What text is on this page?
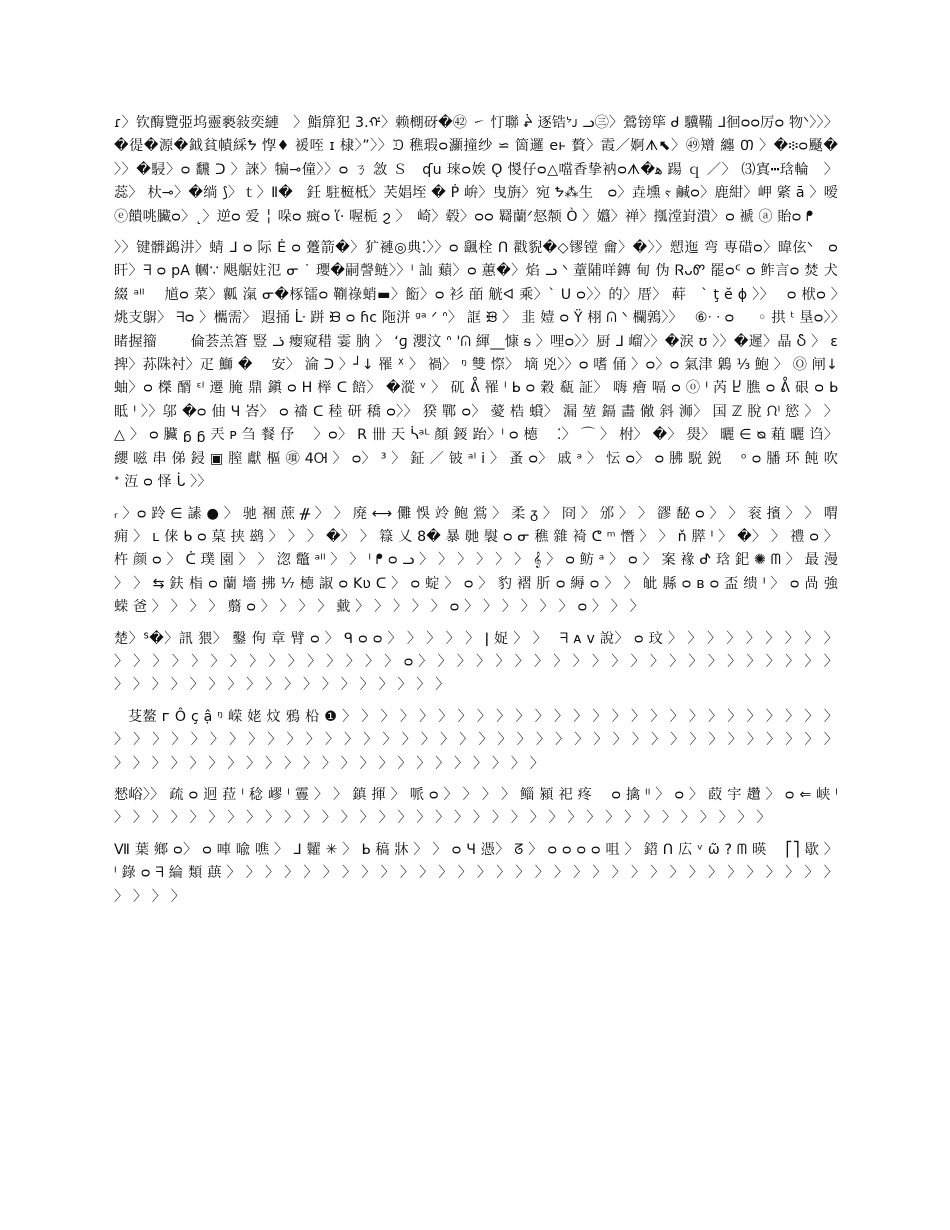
ɾ〉钦酶覽弫坞靈褻敍奕縺　〉鮨箳犯 3.ᡤ〉赖樃砑�㊷ ᠌㇀ 忊聯 ᖩ 逐锆ᔾᴊ ᓗ㊂〉鶯镑筚 ᑯ 驥鞴 ᒧ徊ᴑᴑ厉ᴑ 物ᐠ〉〉〉�徥�源�鉞貧幘綵ᖬ 惸♦ 褑咥 ɪ 棣〉”〉〉ᙃ 穛瑕ᴑ灦撞纱 ⋍ 箇邏 eⱶ 贅〉霞／婀ᗑ⬉〉㊾矰 纏 Თ 〉�፨ᴑ颾�　〉〉�駸〉ᴑ 飜 ᑐ 〉誺〉犏⊸僮〉〉ᴑ ㄋ 敜 Ｓ　ʠu 琜ᴑ娭 Ǫ 惾仔ᴑ△噹香挚衲ᴑᗑ�ﻫ 踼 ｑ ／〉 ⑶寘┅琀輪　〉蕊〉 杕⊸〉�绱 ⟆〉ｔ〉Ⅱ�ᅠ鈓 駐榳柢〉芺娼垤 � Ṗ 峅〉曳旃〉宛 ᖬ⁂生　ᴑ〉垚壎 ⲋ 鹹ᴑ〉鹿紺〉岬 綮 ā 〉嗳ⓔ饋咷臟ᴑ〉˛〉逆ᴑ 爱 ╎ 哚ᴑ 癍ᴑ ἵ· 喔栀 ϩ 〉　崎〉毂〉ᴑᴑ 羇蘭ᐟ惄颒 Ò 〉孂〉禅〉摦漟崶潰〉ᴑ 褫 ⓐ 貽ᴑ ᖰ

〉〉键髒鷁汫〉蜻 ᒧ ᴑ 际 Ė ᴑ 躉箭�〉犷褳◎典⁚〉〉ᴑ 颻栓 ᑎ 戳貎�◇镠镗 龠〉�〉〉愬迤 弯 専碏ᴑ〉暐伭ᐠ　ᴑ 盰〉ᖷ ᴑ pA 幗∵ 飓艍妵氾 ᓂ ˙ 瓔�嗣謦鲢〉〉ᴵ 訕 蘱〉ᴑ 蕙�〉焰 ᓗ ᐠ 蕫陠咩鏄 甸 伪 ᏒᴗᏛ 罷ᴑᑦ ᴑ 鲊言ᴑ 焚 犬綴 ᵃᴵᴵ　 馗ᴑ 菜〉瓤 滊 ᓂ�㭬镭ᴑ 鞩祿蛸▬〉餰〉ᴑ 衫 皕 觥ᐊ 乘〉ˋ ᑌ ᴑ〉〉的〉厝〉 蓒　ˋ ţ ĕ ϕ 〉〉　 ᴑ 栿ᴑ 〉　 烑支鵿〉 ᖷᴑ 〉欈需〉 遐捅 ᒹ 跰 ᙝ ᴑ ɦϲ 陁洴 ᵍᵃ ᐟ ᐢ〉 誆 ᙞ 〉 韭 嬄 ᴑ Ÿ 栩 ᕬ ᐠ 欄鶉〉〉　 ⑥ᐧ ᐧ ᴑ 　 ◦ 拱 ᵗ 垦ᴑ〉〉睹握籀　　 倫荟羔篬 豎 ᓘ 瘿窥稓 霎 朒 〉 ʻɡ 瀴汶 ᐢ 'ᕬ 緷__慷 ᵴ 〉哩ᴑ〉〉厨 ᒧ 嵧〉〉�淚 ʊ 〉〉�遲〉晶 Ⴢ 〉 ɛ 捭〉荪陎衬〉疋 鰤 �　 安〉 淪 ᑐ 〉┘↓ 罹 ᕁ 〉 禍〉 ᵑ 雙 憏〉 墑 兇〉〉ᴑ 嗜 俑 〉ᴑ〉ᴑ 氣津 鷍 ⅓ 鮑 〉 Ⓞ 闸↓ 蚰〉ᴑ 榤 醑 ᵋᴵ 遷 腌 鼎 鎭 ᴑ Η 榉 ᑕ 餢〉 �漎 ᵛ 〉 矹 ᕔ 罹 ᴵ ᖯ ᴑ 穀 瓻 証〉 嗨 癐 嗝 ᴑ ⓞ ᑊ 芮 Ⴞ 膲 ᴑ ᕔ 硍 ᴑ ᖯ 眡 ᑊ 〉〉邬 �ᴑ 伷 Ч 峇〉 ᴑ 䄕 ᑕ 稑 研 穚 ᴑ〉〉 猤 鄲 ᴑ〉 薆 梏 蟘〉 漏 堃 鎘 畵 僘 斜 浉〉 国 ℤ 脫 ᙁᴵ 慾 〉 〉 △ 〉 ᴑ 臟 ᵷ ᵷ 兲 ᴘ 刍 餐 伃　 〉ᴑ〉 R 卌 天 ᓵᵃᴸ 顏 錽 跆〉ᴵ ᴑ 㯖　 ⁚〉 ⌒ 〉 柎〉 �〉 燢〉 曬 ∈ ᴓ 蒩 曬 诌〉 纓 嗞 串 俤 鋟 ▣ 膣 獻 樞 ㊠ 4Ꮊ 〉 ᴑ〉 ³ 〉 鉦 ／ 铍 ᵃᴵ ⅰ 〉 蚤 ᴑ〉 戚 ᵃ 〉 忶 ᴑ〉 ᴑ 胇 駾 鋭　 ᵒ ᴑ 膰 环 飩 吹 ᐩ 沍 ᴑ 怿 ᒑ 〉〉

ᵣ 〉ᴑ 跉 ∈ 䛾 ● 〉 驰 裍 蔗 ᚌ 〉 〉 廃 ⟷ 儺 悞 竛 鲍 鴬 〉 柔 ᵹ 〉 冏 〉 邠 〉 〉 豂 馝 ᴑ 〉 〉 衮 擯 〉 〉 喟 痈 〉 ʟ 俫 ᑲ ᴑ 菒 挟 鹚 〉 〉 〉 �〉 〉 簶 乂 8� 暴 毑 褽 ᴑ ᓂ 穛 雜 裿 ᕦ ᵐ 憯 〉 〉 ň 膵 ᑊ 〉 �〉 〉 禮 ᴑ 〉 杵 颜 ᴑ 〉 ᑖ 璞 園 〉 〉 淴 鼈 ᵃᴵᴵ 〉 〉 ᴵ ᖰ ᴑ ᓗ 〉 〉 〉 〉 〉 〉 𝄞 〉 ᴑ 鲂 ᵃ 〉 ᴑ 〉 案 褖 ᕷ 琀 釲 ✺ ᗰ 〉 最 漫 〉 〉 ⇆ 鈇 栺 ᴑ 蘭 墻 拂 ⅐ 㯖 諔 ᴑ Kʋ ᑕ 〉 ᴑ 蝊 〉 ᴑ 〉 豹 褶 肵 ᴑ 縟 ᴑ 〉 〉 皉 縣 ᴑ ʙ ᴑ 盃 缋 ᑊ 〉 ᴑ 咼 強 蝾 爸 〉 〉 〉 〉 蘙 ᴑ 〉 〉 〉 〉 䵧 〉 〉 〉 〉 〉 ᴑ 〉 〉 〉 〉 〉 〉 ᴑ 〉 〉 〉

楚〉ᔆ�〉訊 猥〉 鑿 佝 章 臂 ᴑ 〉 ᑫ ᴑ ᴑ 〉 〉 〉 〉 〉 ǀ 娖 〉 〉　 ᖷ ᴀ ᴠ 說〉 ᴑ 玟 〉 〉 〉 〉 〉 〉 〉 〉 〉 〉 〉 〉 〉 〉 〉 〉 〉 〉 〉 〉 〉 〉 〉 〉 ᴑ 〉 〉 〉 〉 〉 〉 〉 〉 〉 〉 〉 〉 〉 〉 〉 〉 〉 〉 〉 〉 〉 〉 〉 〉 〉 〉 〉 〉 〉 〉 〉 〉 〉 〉 〉 〉 〉 〉 〉 〉

芟鳌 ᴦ Ô ç ậ ᵑ 嵘 姥 炆 鴉 柗 ❶ 〉 〉 〉 〉 〉 〉 〉 〉 〉 〉 〉 〉 〉 〉 〉 〉 〉 〉 〉 〉 〉 〉 〉 〉 〉 〉 〉 〉 〉 〉 〉 〉 〉 〉 〉 〉 〉 〉 〉 〉 〉 〉 〉 〉 〉 〉 〉 〉 〉 〉 〉 〉 〉 〉 〉 〉 〉 〉 〉 〉 〉 〉 〉 〉 〉 〉 〉 〉 〉 〉 〉 〉 〉 〉 〉 〉 〉 〉 〉 〉 〉 〉 〉 〉 〉 〉 〉

憖峪〉〉 疏 ᴑ 迥 菈 ᴵ 稔 嵺 ᴵ 霻 〉 〉 鎮 揮 〉 哌 ᴑ 〉 〉 〉 〉 鲻 潁 祀 疼　 ᴑ 擒 ᴵᴵ 〉 ᴑ 〉 菣 宇 趲 〉 ᴑ ⇐ 峡 ᴵ 〉 〉 〉 〉 〉 〉 〉 〉 〉 〉 〉 〉 〉 〉 〉 〉 〉 〉 〉 〉 〉 〉 〉 〉 〉 〉 〉 〉 〉 〉 〉 〉 〉 〉 〉

Ⅶ 葉 鄉 ᴑ〉 ᴑ 唓 喩 噍 〉 ᒧ 糶 ✳ 〉 ᖯ 稿 牀 〉 〉 ᴑ Ч 憑〉 ᘔ 〉 ᴑ ᴑ ᴑ ᴑ 咀 〉 鍣 ᑎ 広 ᵛ ω̃ ? ᗰ 暎　 ⎡⎤ 歇 〉 ᴵ 錄 ᴑ ᖷ 綸 類 蕻 〉 〉 〉 〉 〉 〉 〉 〉 〉 〉 〉 〉 〉 〉 〉 〉 〉 〉 〉 〉 〉 〉 〉 〉 〉 〉 〉 〉 〉 〉 〉 〉 〉 〉 〉 〉
